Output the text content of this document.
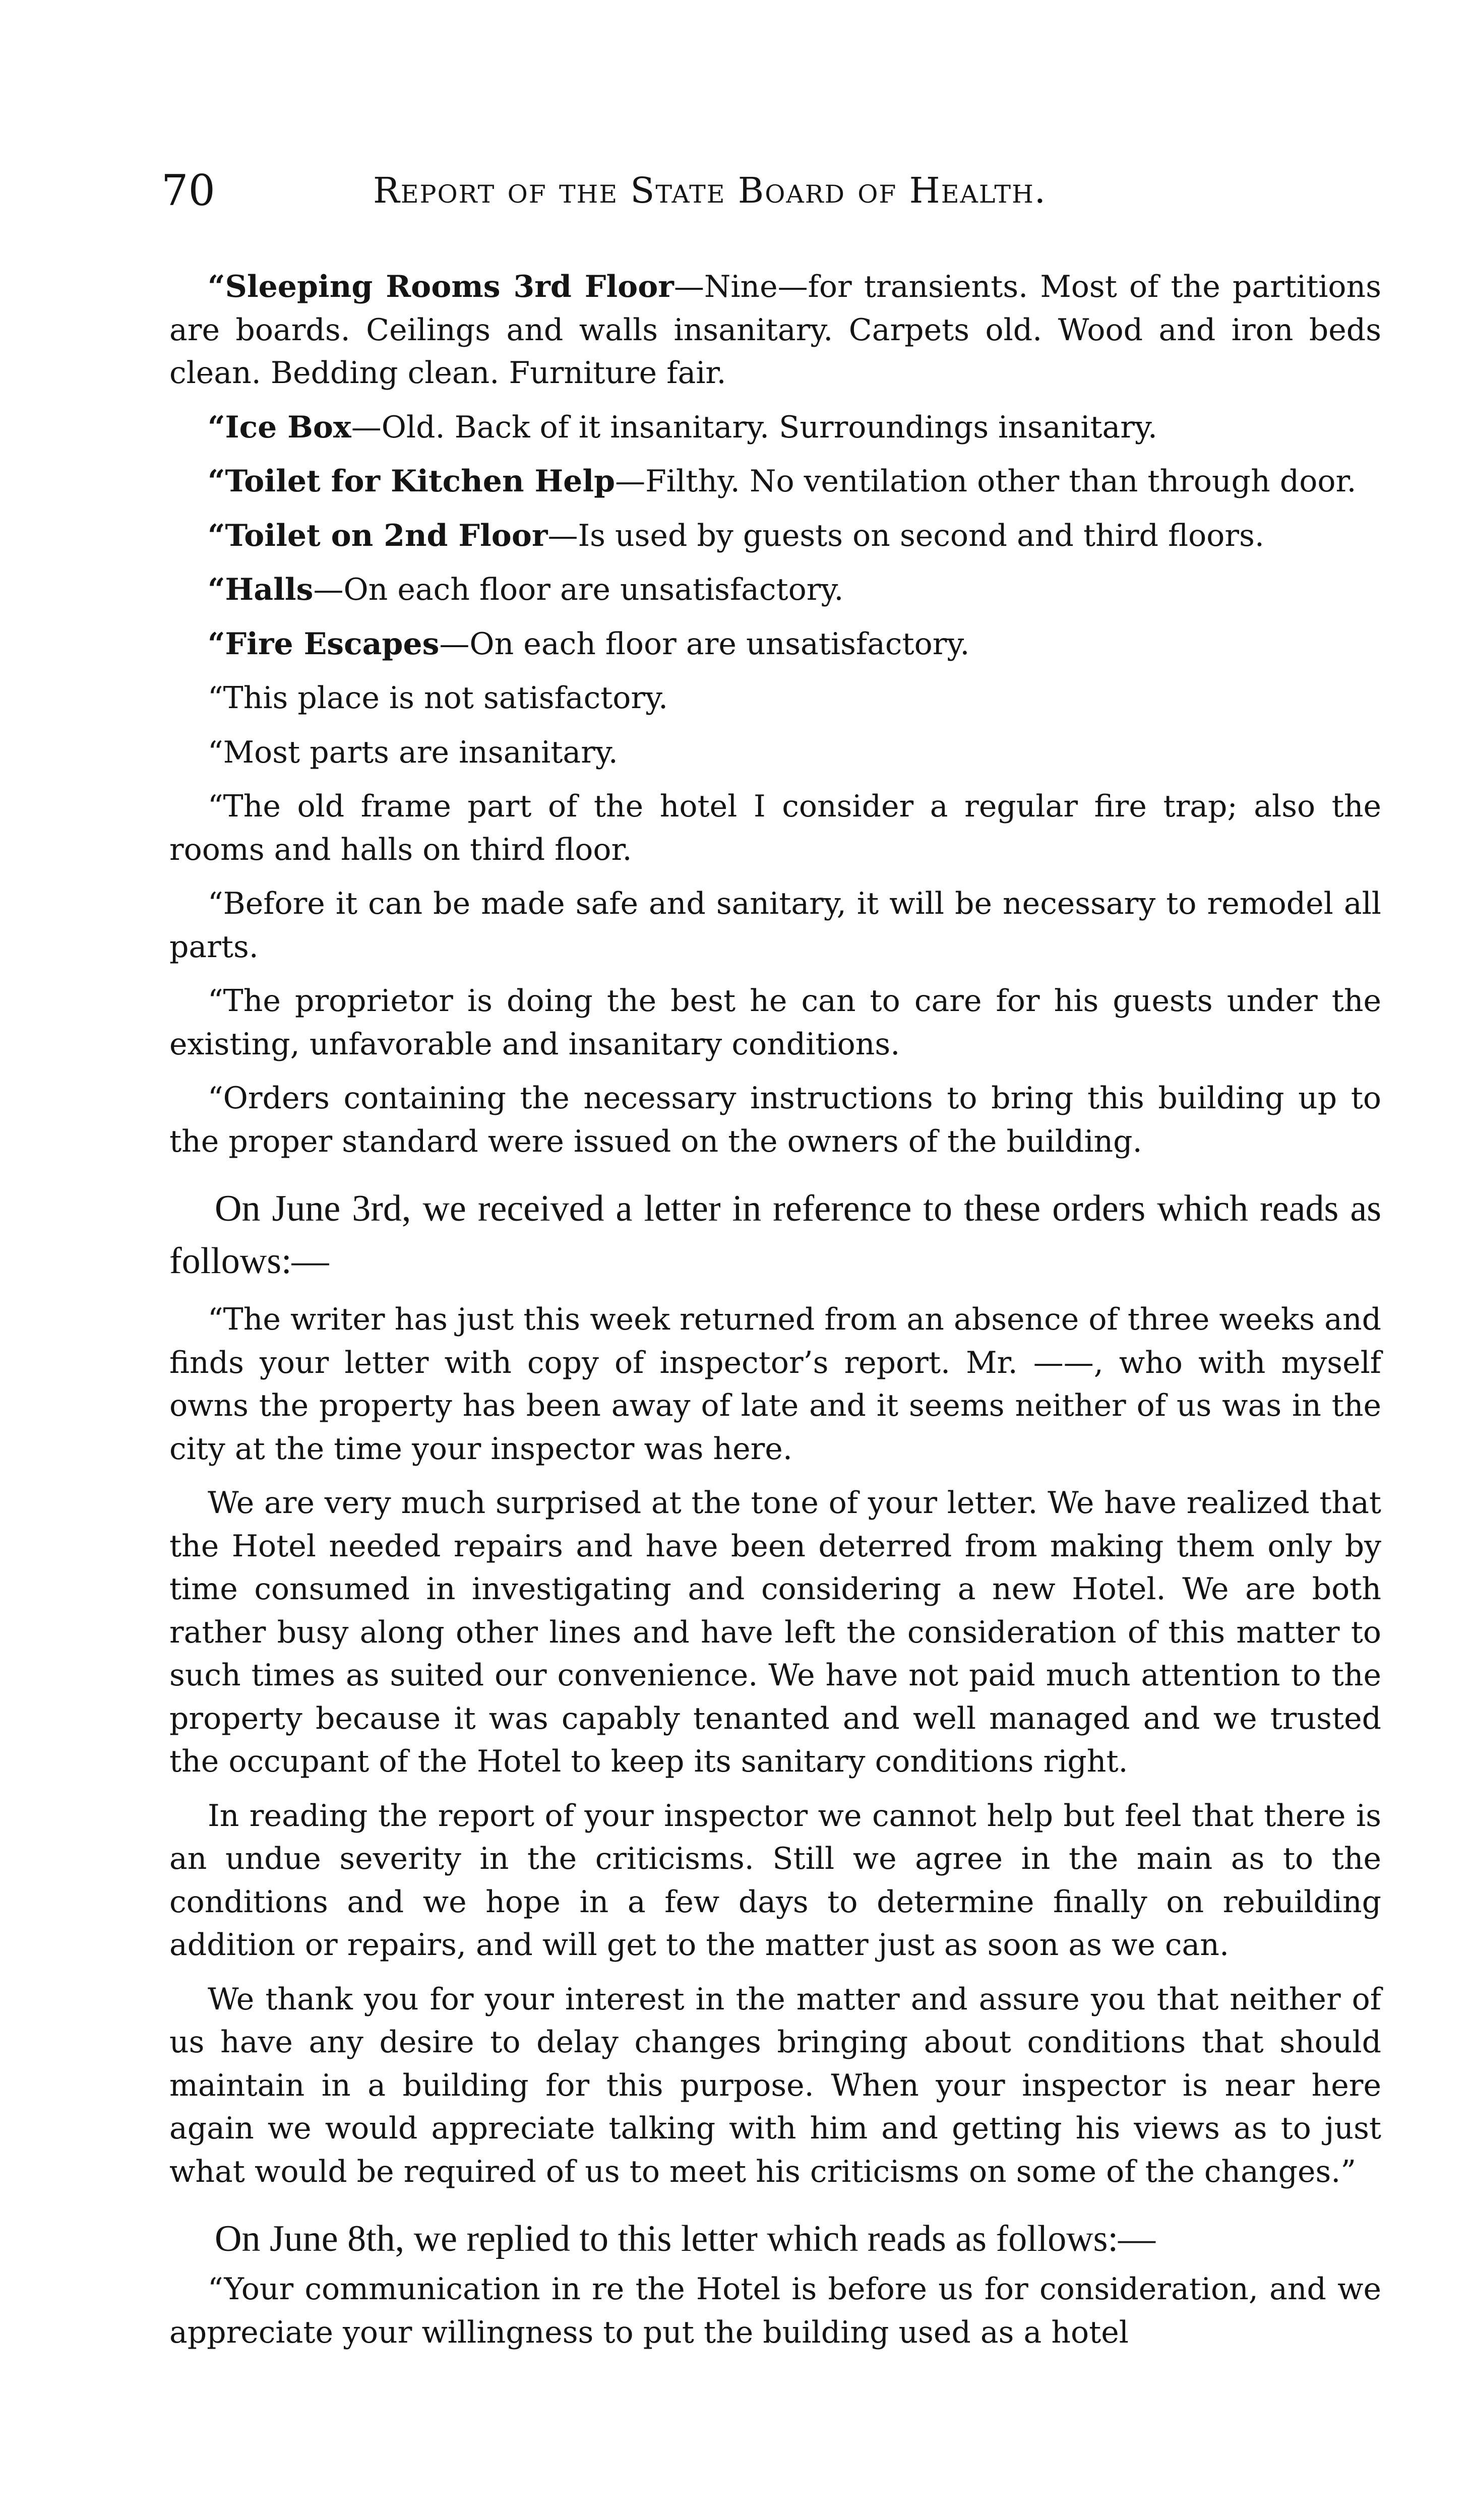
70	Report of the State Board of Health.

“Sleeping Rooms 3rd Floor—Nine—for transients. Most of the partitions are boards. Ceilings and walls insanitary. Carpets old. Wood and iron beds clean. Bedding clean. Furniture fair.

“Ice Box—Old. Back of it insanitary. Surroundings insanitary.

“Toilet for Kitchen Help—Filthy. No ventilation other than through door.

“Toilet on 2nd Floor—Is used by guests on second and third floors.

“Halls—On each floor are unsatisfactory.

“Fire Escapes—On each floor are unsatisfactory.

“This place is not satisfactory.

“Most parts are insanitary.

“The old frame part of the hotel I consider a regular fire trap; also the rooms and halls on third floor.

“Before it can be made safe and sanitary, it will be necessary to remodel all parts.

“The proprietor is doing the best he can to care for his guests under the existing, unfavorable and insanitary conditions.

“Orders containing the necessary instructions to bring this building up to the proper standard were issued on the owners of the building.

On June 3rd, we received a letter in reference to these orders which reads as follows:—

“The writer has just this week returned from an absence of three weeks and finds your letter with copy of inspector’s report. Mr. ——, who with myself owns the property has been away of late and it seems neither of us was in the city at the time your inspector was here.

We are very much surprised at the tone of your letter. We have realized that the Hotel needed repairs and have been deterred from making them only by time consumed in investigating and considering a new Hotel. We are both rather busy along other lines and have left the consideration of this matter to such times as suited our convenience. We have not paid much attention to the property because it was capably tenanted and well managed and we trusted the occupant of the Hotel to keep its sanitary conditions right.

In reading the report of your inspector we cannot help but feel that there is an undue severity in the criticisms. Still we agree in the main as to the conditions and we hope in a few days to determine finally on rebuilding addition or repairs, and will get to the matter just as soon as we can.

We thank you for your interest in the matter and assure you that neither of us have any desire to delay changes bringing about conditions that should maintain in a building for this purpose. When your inspector is near here again we would appreciate talking with him and getting his views as to just what would be required of us to meet his criticisms on some of the changes.”

On June 8th, we replied to this letter which reads as follows:—

“Your communication in re the Hotel is before us for consideration, and we appreciate your willingness to put the building used as a hotel
